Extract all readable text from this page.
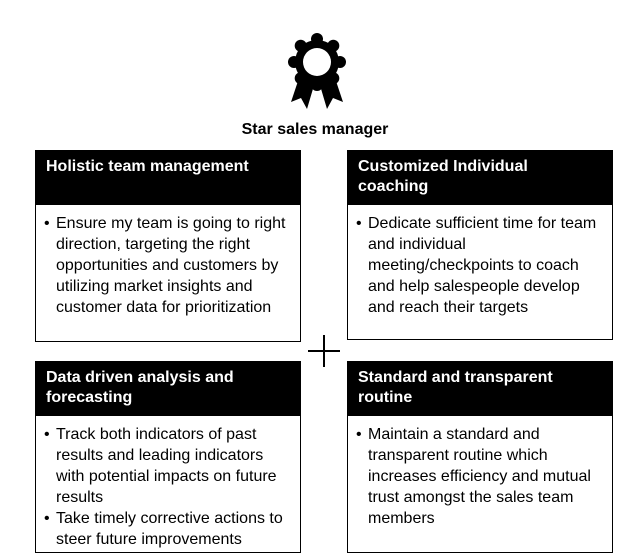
Star sales manager
Holistic team management
• Ensure my team is going to right direction, targeting the right opportunities and customers by utilizing market insights and customer data for prioritization
Customized Individual coaching
• Dedicate sufficient time for team and individual meeting/checkpoints to coach and help salespeople develop and reach their targets
Data driven analysis and forecasting
• Track both indicators of past results and leading indicators with potential impacts on future results
• Take timely corrective actions to steer future improvements
Standard and transparent routine
• Maintain a standard and transparent routine which increases efficiency and mutual trust amongst the sales team members
